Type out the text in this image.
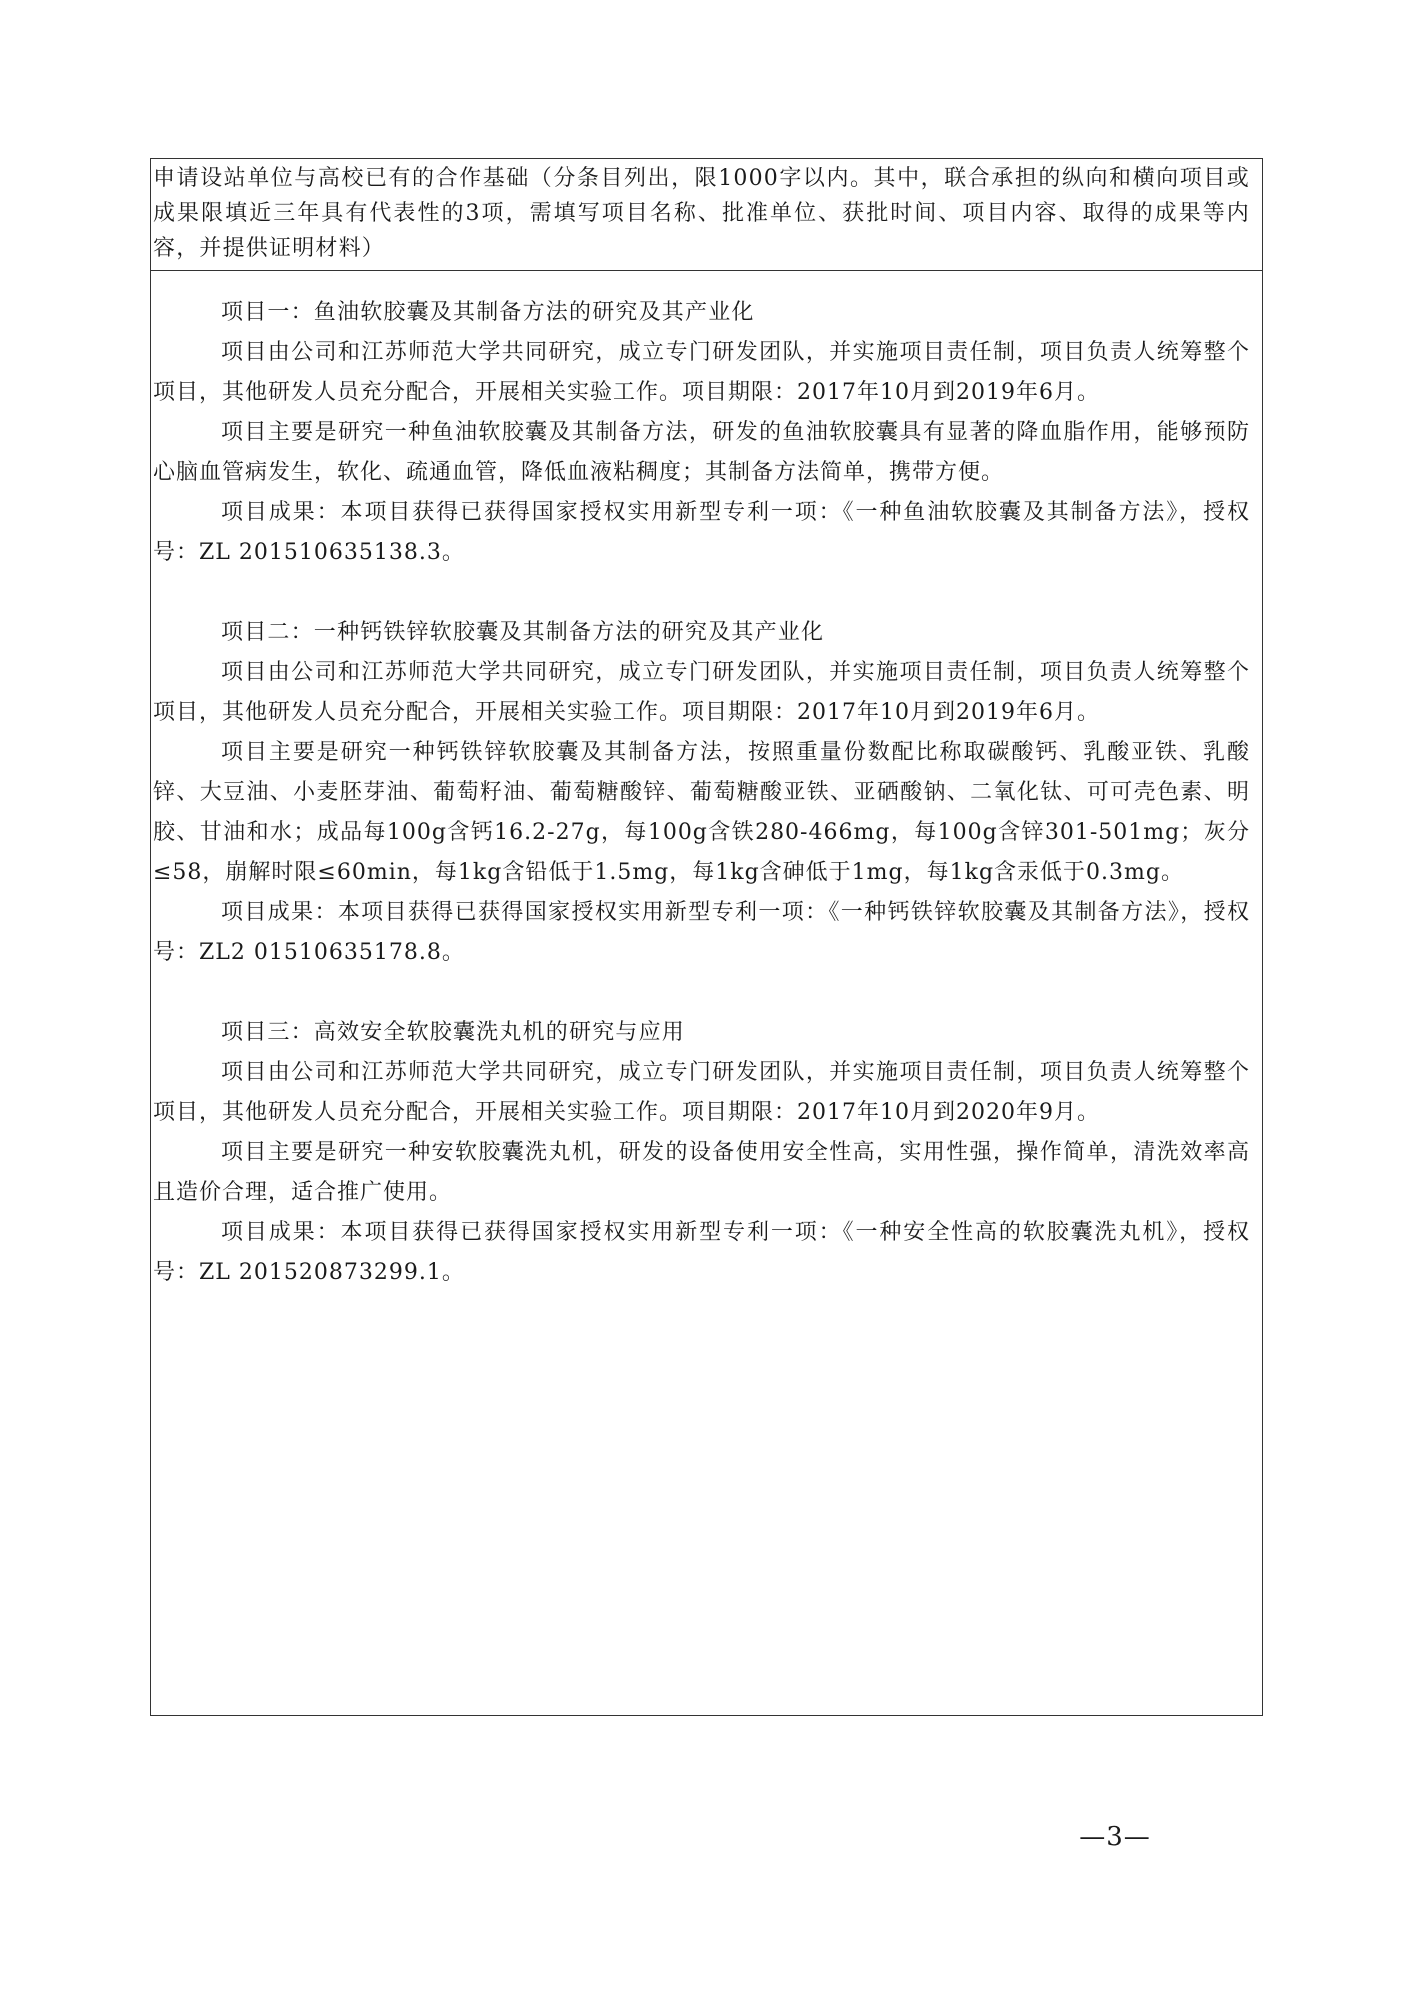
申请设站单位与高校已有的合作基础（分条目列出，限1000字以内。其中，联合承担的纵向和横向项目或成果限填近三年具有代表性的3项，需填写项目名称、批准单位、获批时间、项目内容、取得的成果等内容，并提供证明材料）

项目一：鱼油软胶囊及其制备方法的研究及其产业化

项目由公司和江苏师范大学共同研究，成立专门研发团队，并实施项目责任制，项目负责人统筹整个项目，其他研发人员充分配合，开展相关实验工作。项目期限：2017年10月到2019年6月。

项目主要是研究一种鱼油软胶囊及其制备方法，研发的鱼油软胶囊具有显著的降血脂作用，能够预防心脑血管病发生，软化、疏通血管，降低血液粘稠度；其制备方法简单，携带方便。

项目成果：本项目获得已获得国家授权实用新型专利一项：《一种鱼油软胶囊及其制备方法》，授权号：ZL 201510635138.3。

项目二：一种钙铁锌软胶囊及其制备方法的研究及其产业化

项目由公司和江苏师范大学共同研究，成立专门研发团队，并实施项目责任制，项目负责人统筹整个项目，其他研发人员充分配合，开展相关实验工作。项目期限：2017年10月到2019年6月。

项目主要是研究一种钙铁锌软胶囊及其制备方法，按照重量份数配比称取碳酸钙、乳酸亚铁、乳酸锌、大豆油、小麦胚芽油、葡萄籽油、葡萄糖酸锌、葡萄糖酸亚铁、亚硒酸钠、二氧化钛、可可壳色素、明胶、甘油和水；成品每100g含钙16.2-27g，每100g含铁280-466mg，每100g含锌301-501mg；灰分≤58，崩解时限≤60min，每1kg含铅低于1.5mg，每1kg含砷低于1mg，每1kg含汞低于0.3mg。

项目成果：本项目获得已获得国家授权实用新型专利一项：《一种钙铁锌软胶囊及其制备方法》，授权号：ZL2 01510635178.8。

项目三：高效安全软胶囊洗丸机的研究与应用

项目由公司和江苏师范大学共同研究，成立专门研发团队，并实施项目责任制，项目负责人统筹整个项目，其他研发人员充分配合，开展相关实验工作。项目期限：2017年10月到2020年9月。

项目主要是研究一种安软胶囊洗丸机，研发的设备使用安全性高，实用性强，操作简单，清洗效率高且造价合理，适合推广使用。

项目成果：本项目获得已获得国家授权实用新型专利一项：《一种安全性高的软胶囊洗丸机》，授权号：ZL 201520873299.1。

—3—
